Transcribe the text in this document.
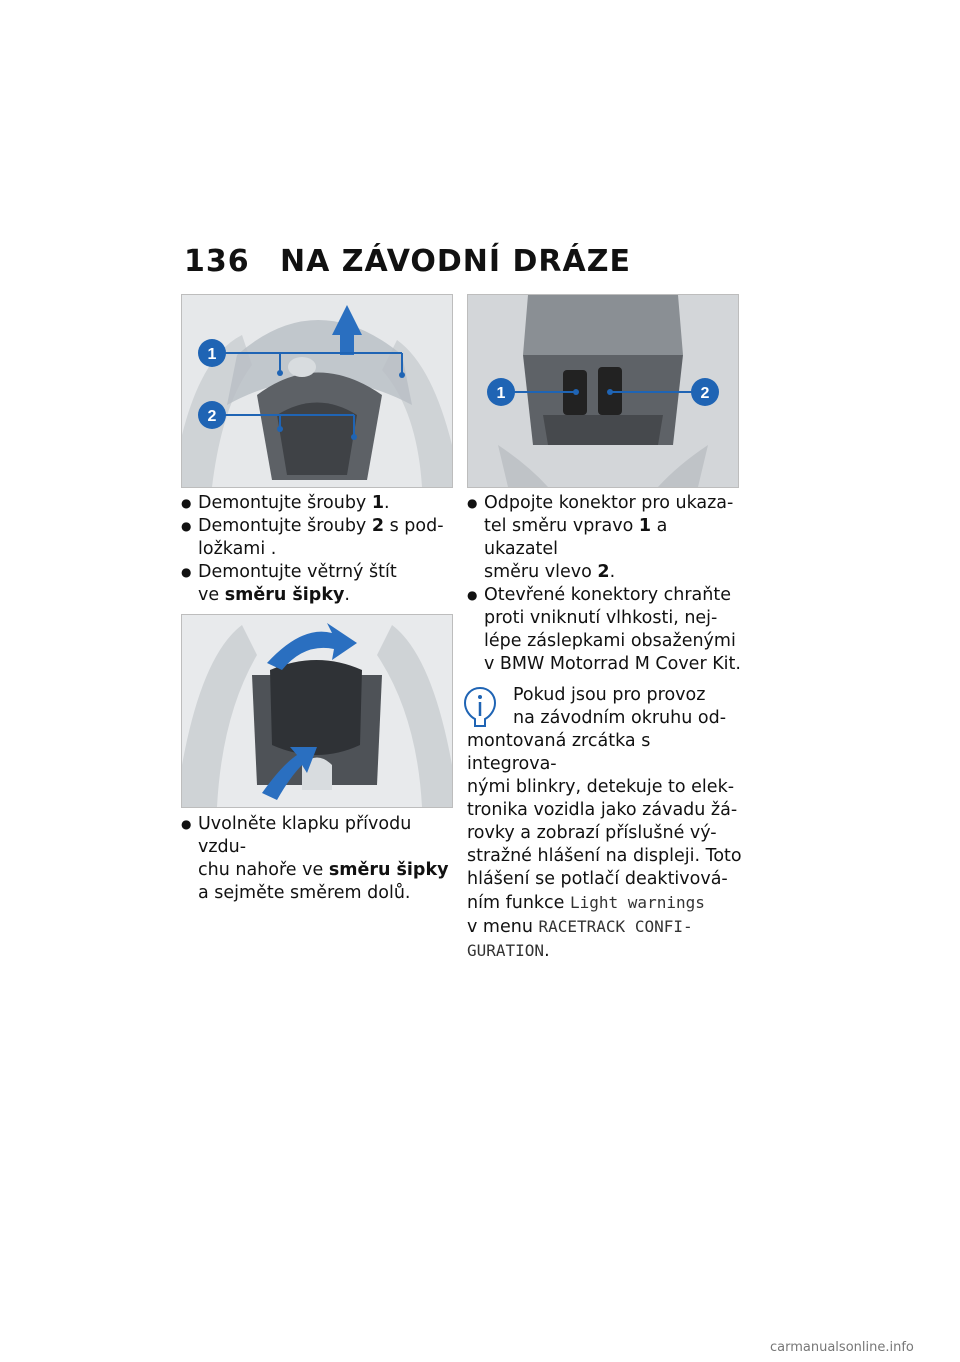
136 NA ZÁVODNÍ DRÁZE
1
2
1	2

● Demontujte šrouby 1.

● Demontujte šrouby 2 s pod-
ložkami .

● Demontujte větrný štít
ve směru šipky.

● Uvolněte klapku přívodu vzdu-
chu nahoře ve směru šipky
a sejměte směrem dolů.

● Odpojte konektor pro ukaza-
tel směru vpravo 1 a ukazatel
směru vlevo 2.

● Otevřené konektory chraňte
proti vniknutí vlhkosti, nej-
lépe záslepkami obsaženými
v BMW Motorrad M Cover Kit.

Pokud jsou pro provoz

na závodním okruhu od-

montovaná zrcátka s integrova-

nými blinkry, detekuje to elek-

tronika vozidla jako závadu žá-

rovky a zobrazí příslušné vý-

stražné hlášení na displeji. Toto

hlášení se potlačí deaktivová-

ním funkce Light warnings

v menu RACETRACK CONFI-

GURATION.

carmanualsonline.info
